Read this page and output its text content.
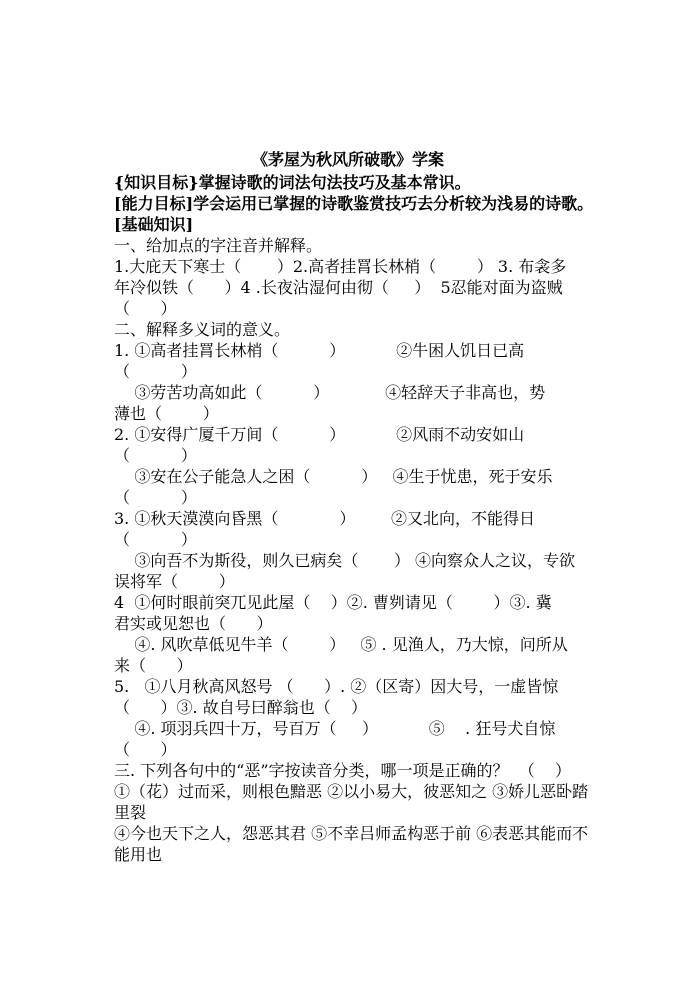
《茅屋为秋风所破歌》学案
{知识目标}掌握诗歌的词法句法技巧及基本常识。
[能力目标]学会运用已掌握的诗歌鉴赏技巧去分析较为浅易的诗歌。
[基础知识]
一、给加点的字注音并解释。
1.大庇天下寒士（       ）2.高者挂罥长林梢（        ） 3. 布衾多
年冷似铁（      ）4 .长夜沾湿何由彻（     ）  5忍能对面为盗贼
（      ）
二、解释多义词的意义。
1. ①高者挂罥长林梢（          ）          ②牛困人饥日已高
（          ）
③劳苦功高如此（          ）           ④轻辞天子非高也，势
薄也（        ）
2. ①安得广厦千万间（          ）          ②风雨不动安如山
（          ）
③安在公子能急人之困（          ）   ④生于忧患，死于安乐
（          ）
3. ①秋天漠漠向昏黑（            ）       ②又北向，不能得日
（          ）
③向吾不为斯役，则久已病矣（       ） ④向察众人之议，专欲
误将军（        ）
4  ①何时眼前突兀见此屋（    ）②. 曹刿请见（        ）③. 冀
君实或见恕也（      ）
④. 风吹草低见牛羊（        ）   ⑤ . 见渔人，乃大惊，问所从
来（      ）
5.   ①八月秋高风怒号 （      ）. ②（区寄）因大号，一虚皆惊
（      ）③. 故自号曰醉翁也（    ）
④. 项羽兵四十万，号百万（     ）          ⑤    . 狂号犬自惊
（      ）
三. 下列各句中的“恶”字按读音分类，哪一项是正确的？  （    ）
①（花）过而采，则根色黯恶 ②以小易大，彼恶知之 ③娇儿恶卧踏
里裂
④今也天下之人，怨恶其君 ⑤不幸吕师孟构恶于前 ⑥表恶其能而不
能用也
